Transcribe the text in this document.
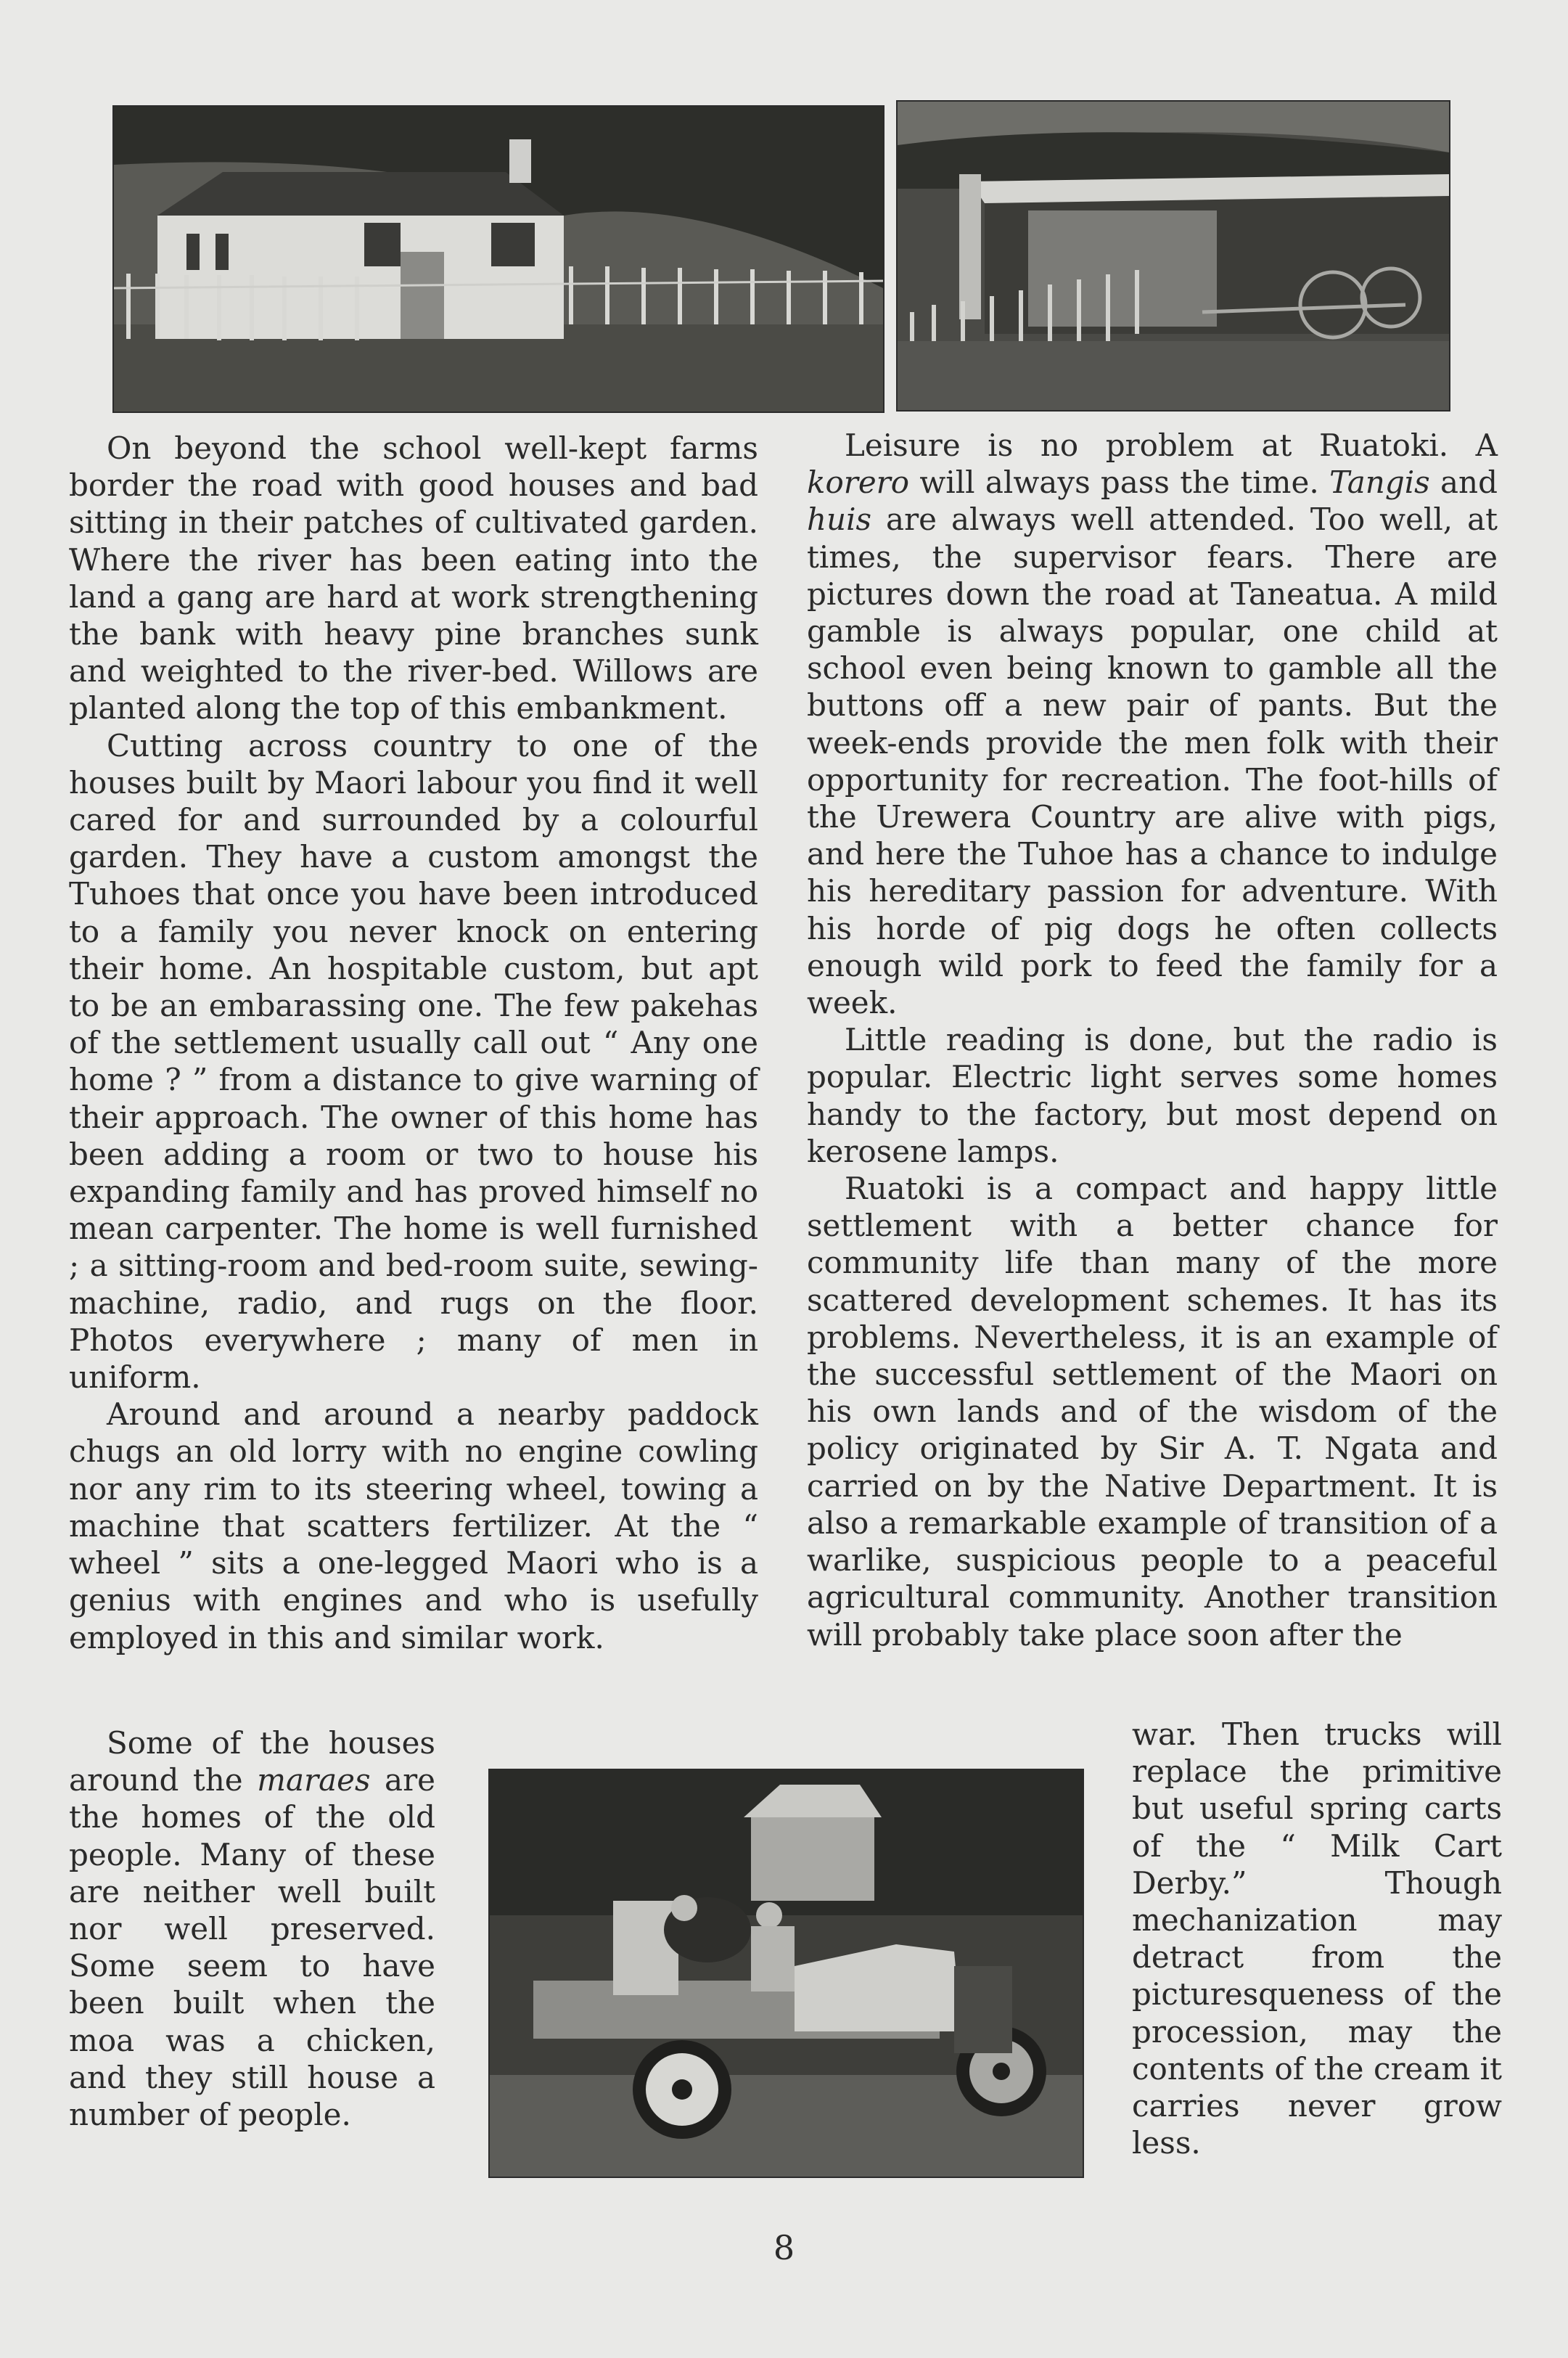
On beyond the school well-kept farms border the road with good houses and bad sitting in their patches of cultivated garden. Where the river has been eating into the land a gang are hard at work strengthening the bank with heavy pine branches sunk and weighted to the river-bed. Willows are planted along the top of this embankment.

Cutting across country to one of the houses built by Maori labour you find it well cared for and surrounded by a colourful garden. They have a custom amongst the Tuhoes that once you have been introduced to a family you never knock on entering their home. An hospitable custom, but apt to be an embarassing one. The few pakehas of the settlement usually call out “ Any one home ? ” from a distance to give warning of their approach. The owner of this home has been adding a room or two to house his expanding family and has proved himself no mean carpenter. The home is well furnished ; a sitting-room and bed-room suite, sewing-machine, radio, and rugs on the floor. Photos everywhere ; many of men in uniform.

Around and around a nearby paddock chugs an old lorry with no engine cowling nor any rim to its steering wheel, towing a machine that scatters fertilizer. At the “ wheel ” sits a one-legged Maori who is a genius with engines and who is usefully employed in this and similar work.

Some of the houses around the maraes are the homes of the old people. Many of these are neither well built nor well preserved. Some seem to have been built when the moa was a chicken, and they still house a number of people.

Leisure is no problem at Ruatoki. A korero will always pass the time. Tangis and huis are always well attended. Too well, at times, the supervisor fears. There are pictures down the road at Taneatua. A mild gamble is always popular, one child at school even being known to gamble all the buttons off a new pair of pants. But the week-ends provide the men folk with their opportunity for recreation. The foot-hills of the Urewera Country are alive with pigs, and here the Tuhoe has a chance to indulge his hereditary passion for adventure. With his horde of pig dogs he often collects enough wild pork to feed the family for a week.

Little reading is done, but the radio is popular. Electric light serves some homes handy to the factory, but most depend on kerosene lamps.

Ruatoki is a compact and happy little settlement with a better chance for community life than many of the more scattered development schemes. It has its problems. Nevertheless, it is an example of the successful settlement of the Maori on his own lands and of the wisdom of the policy originated by Sir A. T. Ngata and carried on by the Native Department. It is also a remarkable example of transition of a warlike, suspicious people to a peaceful agricultural community. Another transition will probably take place soon after the

war. Then trucks will replace the primitive but useful spring carts of the “ Milk Cart Derby.” Though mechanization may detract from the picturesqueness of the procession, may the contents of the cream it carries never grow less.

8
